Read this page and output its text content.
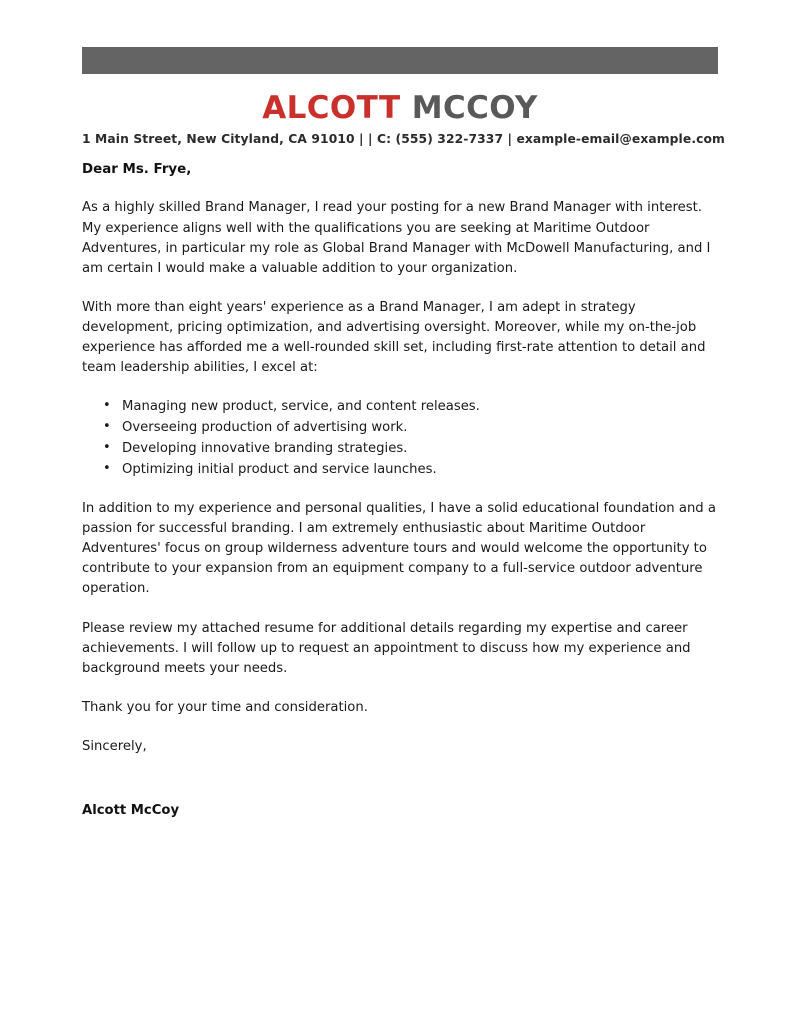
ALCOTT MCCOY
1 Main Street, New Cityland, CA 91010 | | C: (555) 322-7337 | example-email@example.com
Dear Ms. Frye,

As a highly skilled Brand Manager, I read your posting for a new Brand Manager with interest. My experience aligns well with the qualifications you are seeking at Maritime Outdoor Adventures, in particular my role as Global Brand Manager with McDowell Manufacturing, and I am certain I would make a valuable addition to your organization.

With more than eight years' experience as a Brand Manager, I am adept in strategy development, pricing optimization, and advertising oversight. Moreover, while my on-the-job experience has afforded me a well-rounded skill set, including first-rate attention to detail and team leadership abilities, I excel at:

• Managing new product, service, and content releases.
• Overseeing production of advertising work.
• Developing innovative branding strategies.
• Optimizing initial product and service launches.

In addition to my experience and personal qualities, I have a solid educational foundation and a passion for successful branding. I am extremely enthusiastic about Maritime Outdoor Adventures' focus on group wilderness adventure tours and would welcome the opportunity to contribute to your expansion from an equipment company to a full-service outdoor adventure operation.

Please review my attached resume for additional details regarding my expertise and career achievements. I will follow up to request an appointment to discuss how my experience and background meets your needs.

Thank you for your time and consideration.
Sincerely,
Alcott McCoy
